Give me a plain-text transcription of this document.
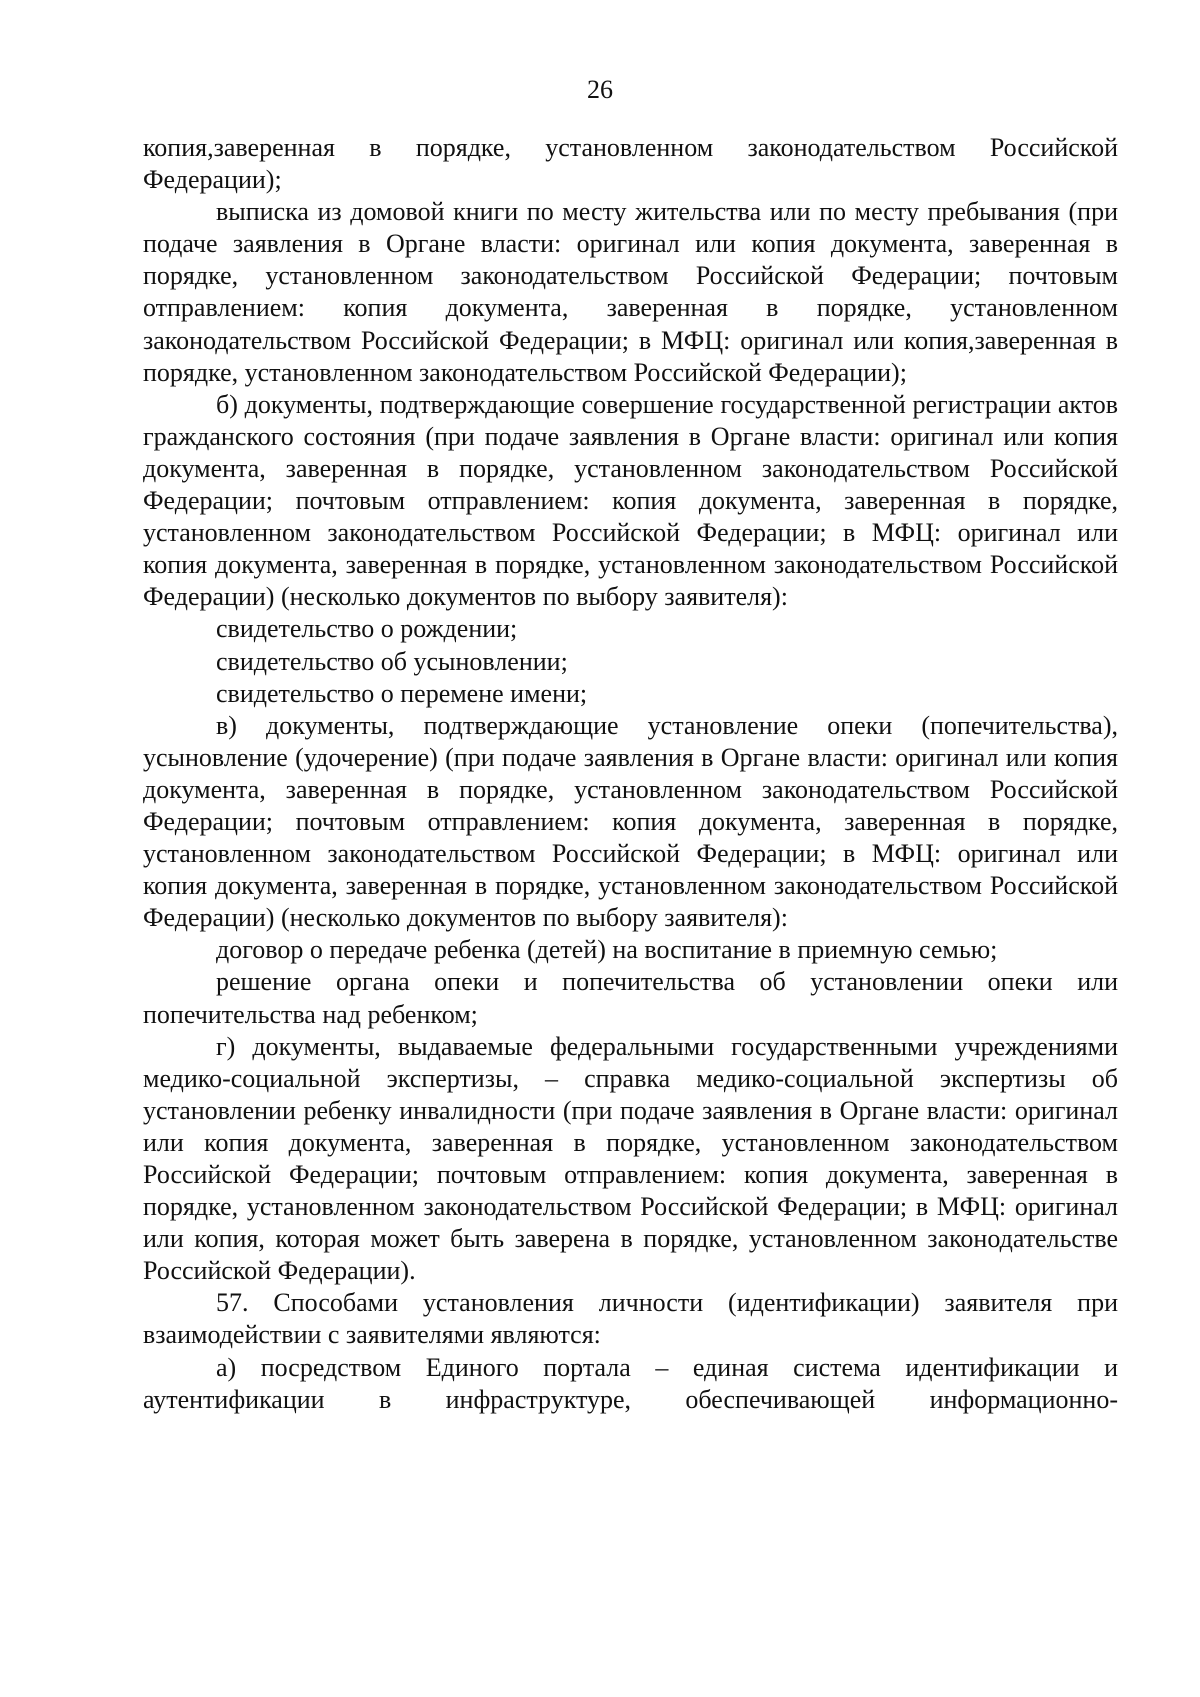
26

копия,заверенная в порядке, установленном законодательством Российской Федерации);

выписка из домовой книги по месту жительства или по месту пребывания (при подаче заявления в Органе власти: оригинал или копия документа, заверенная в порядке, установленном законодательством Российской Федерации; почтовым отправлением: копия документа, заверенная в порядке, установленном законодательством Российской Федерации; в МФЦ: оригинал или копия,заверенная в порядке, установленном законодательством Российской Федерации);

б) документы, подтверждающие совершение государственной регистрации актов гражданского состояния (при подаче заявления в Органе власти: оригинал или копия документа, заверенная в порядке, установленном законодательством Российской Федерации; почтовым отправлением: копия документа, заверенная в порядке, установленном законодательством Российской Федерации; в МФЦ: оригинал или копия документа, заверенная в порядке, установленном законодательством Российской Федерации) (несколько документов по выбору заявителя):

свидетельство о рождении;

свидетельство об усыновлении;

свидетельство о перемене имени;

в) документы, подтверждающие установление опеки (попечительства), усыновление (удочерение) (при подаче заявления в Органе власти: оригинал или копия документа, заверенная в порядке, установленном законодательством Российской Федерации; почтовым отправлением: копия документа, заверенная в порядке, установленном законодательством Российской Федерации; в МФЦ: оригинал или копия документа, заверенная в порядке, установленном законодательством Российской Федерации) (несколько документов по выбору заявителя):

договор о передаче ребенка (детей) на воспитание в приемную семью;

решение органа опеки и попечительства об установлении опеки или попечительства над ребенком;

г) документы, выдаваемые федеральными государственными учреждениями медико-социальной экспертизы, – справка медико-социальной экспертизы об установлении ребенку инвалидности (при подаче заявления в Органе власти: оригинал или копия документа, заверенная в порядке, установленном законодательством Российской Федерации; почтовым отправлением: копия документа, заверенная в порядке, установленном законодательством Российской Федерации; в МФЦ: оригинал или копия, которая может быть заверена в порядке, установленном законодательстве Российской Федерации).

57. Способами установления личности (идентификации) заявителя при взаимодействии с заявителями являются:

а) посредством Единого портала – единая система идентификации и аутентификации в инфраструктуре, обеспечивающей информационно-
